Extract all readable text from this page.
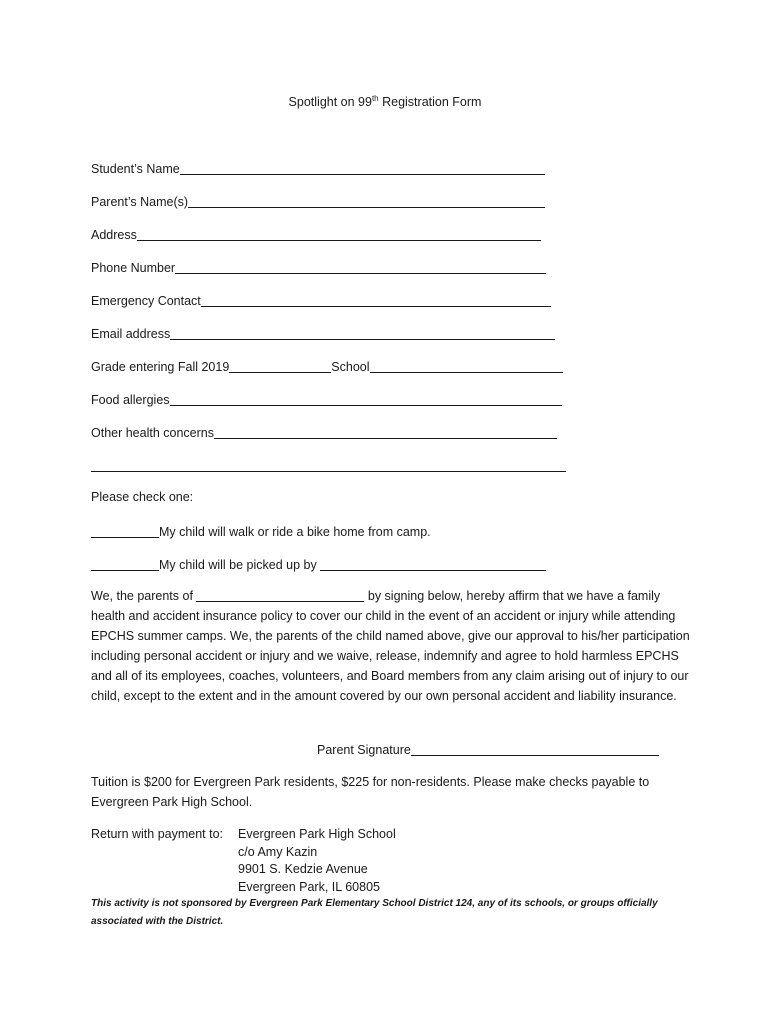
Spotlight on 99th Registration Form
Student’s Name
Parent’s Name(s)
Address
Phone Number
Emergency Contact
Email address
Grade entering Fall 2019	School
Food allergies
Other health concerns
Please check one:
My child will walk or ride a bike home from camp.
My child will be picked up by
We, the parents of	by signing below, hereby affirm that we have a family health and accident insurance policy to cover our child in the event of an accident or injury while attending EPCHS summer camps. We, the parents of the child named above, give our approval to his/her participation including personal accident or injury and we waive, release, indemnify and agree to hold harmless EPCHS and all of its employees, coaches, volunteers, and Board members from any claim arising out of injury to our child, except to the extent and in the amount covered by our own personal accident and liability insurance.
Parent Signature
Tuition is $200 for Evergreen Park residents, $225 for non-residents. Please make checks payable to Evergreen Park High School.
Return with payment to: Evergreen Park High School
c/o Amy Kazin
9901 S. Kedzie Avenue
Evergreen Park, IL 60805
This activity is not sponsored by Evergreen Park Elementary School District 124, any of its schools, or groups officially associated with the District.
